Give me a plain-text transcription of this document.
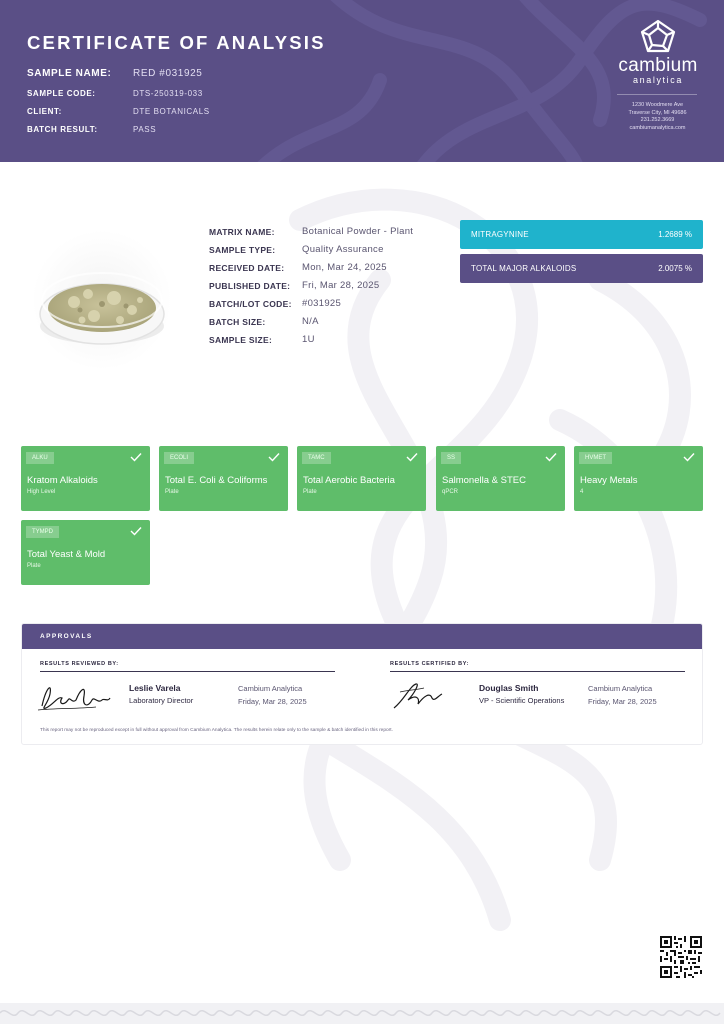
CERTIFICATE OF ANALYSIS
SAMPLE NAME: RED #031925
SAMPLE CODE:	DTS-250319-033
CLIENT:	DTE BOTANICALS
BATCH RESULT:	PASS
cambium
analytica
1230 Woodmere Ave
Traverse City, MI 49686
231.252.3669
cambiumanalytica.com
MATRIX NAME:	Botanical Powder - Plant
SAMPLE TYPE:	Quality Assurance
RECEIVED DATE: Mon, Mar 24, 2025
PUBLISHED DATE: Fri, Mar 28, 2025
BATCH/LOT CODE: #031925
BATCH SIZE:	N/A
SAMPLE SIZE:	1U
MITRAGYNINE	1.2689 %
TOTAL MAJOR ALKALOIDS	2.0075 %
ALKU
Kratom Alkaloids
High Level
ECOLI
Total E. Coli & Coliforms
Plate
TAMC
Total Aerobic Bacteria
Plate
SS
Salmonella & STEC
qPCR
HVMET
Heavy Metals
4
TYMPD
Total Yeast & Mold
Plate
APPROVALS
RESULTS REVIEWED BY:	RESULTS CERTIFIED BY:
Leslie Varela
Laboratory Director
Cambium Analytica
Friday, Mar 28, 2025
Douglas Smith
VP - Scientific Operations
Cambium Analytica
Friday, Mar 28, 2025
This report may not be reproduced except in full without approval from Cambium Analytica. The results herein relate only to the sample & batch identified in this report.
